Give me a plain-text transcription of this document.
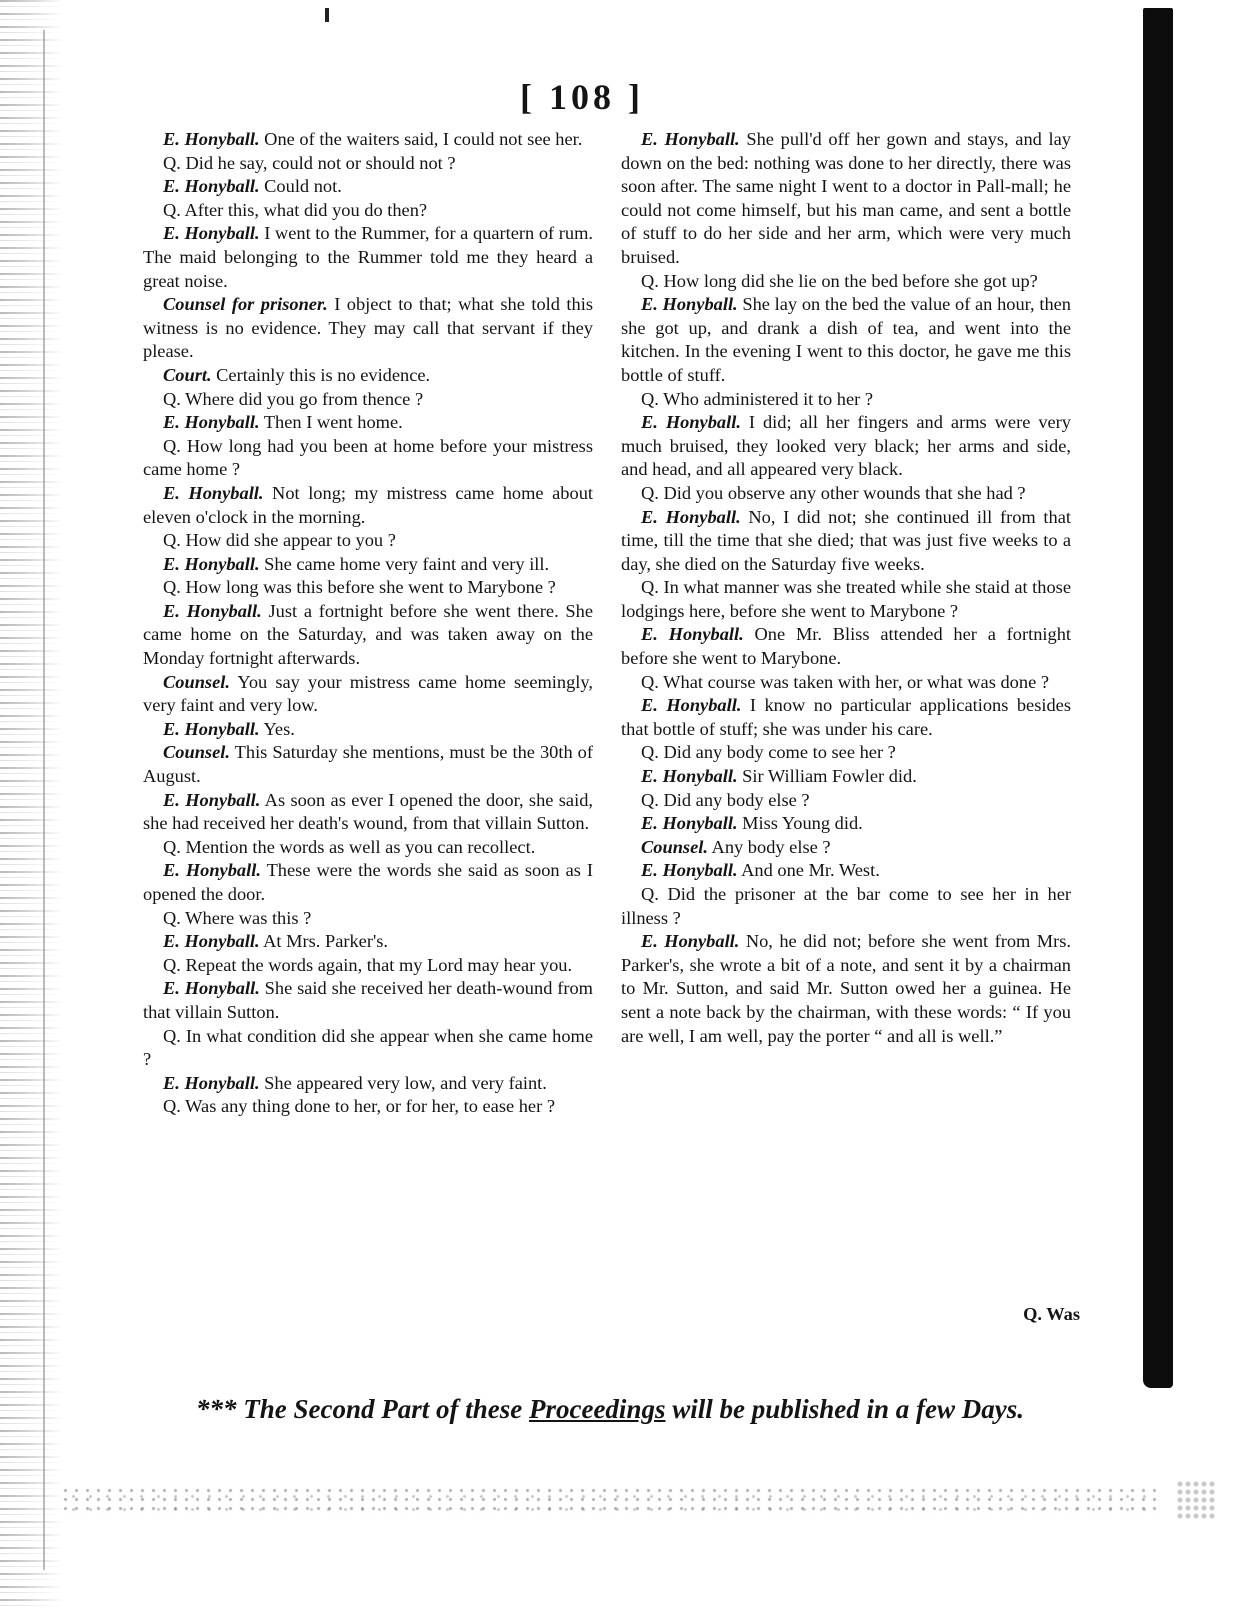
[ 108 ]

E. Honyball. One of the waiters said, I could not see her.

Q. Did he say, could not or should not ?

E. Honyball. Could not.

Q. After this, what did you do then?

E. Honyball. I went to the Rummer, for a quartern of rum. The maid belonging to the Rummer told me they heard a great noise.

Counsel for prisoner. I object to that; what she told this witness is no evidence. They may call that servant if they please.

Court. Certainly this is no evidence.

Q. Where did you go from thence ?

E. Honyball. Then I went home.

Q. How long had you been at home before your mistress came home ?

E. Honyball. Not long; my mistress came home about eleven o'clock in the morning.

Q. How did she appear to you ?

E. Honyball. She came home very faint and very ill.

Q. How long was this before she went to Marybone ?

E. Honyball. Just a fortnight before she went there. She came home on the Saturday, and was taken away on the Monday fortnight afterwards.

Counsel. You say your mistress came home seemingly, very faint and very low.

E. Honyball. Yes.

Counsel. This Saturday she mentions, must be the 30th of August.

E. Honyball. As soon as ever I opened the door, she said, she had received her death's wound, from that villain Sutton.

Q. Mention the words as well as you can recollect.

E. Honyball. These were the words she said as soon as I opened the door.

Q. Where was this ?

E. Honyball. At Mrs. Parker's.

Q. Repeat the words again, that my Lord may hear you.

E. Honyball. She said she received her death-wound from that villain Sutton.

Q. In what condition did she appear when she came home ?

E. Honyball. She appeared very low, and very faint.

Q. Was any thing done to her, or for her, to ease her ?

E. Honyball. She pull'd off her gown and stays, and lay down on the bed: nothing was done to her directly, there was soon after. The same night I went to a doctor in Pall-mall; he could not come himself, but his man came, and sent a bottle of stuff to do her side and her arm, which were very much bruised.

Q. How long did she lie on the bed before she got up?

E. Honyball. She lay on the bed the value of an hour, then she got up, and drank a dish of tea, and went into the kitchen. In the evening I went to this doctor, he gave me this bottle of stuff.

Q. Who administered it to her ?

E. Honyball. I did; all her fingers and arms were very much bruised, they looked very black; her arms and side, and head, and all appeared very black.

Q. Did you observe any other wounds that she had ?

E. Honyball. No, I did not; she continued ill from that time, till the time that she died; that was just five weeks to a day, she died on the Saturday five weeks.

Q. In what manner was she treated while she staid at those lodgings here, before she went to Marybone ?

E. Honyball. One Mr. Bliss attended her a fortnight before she went to Marybone.

Q. What course was taken with her, or what was done ?

E. Honyball. I know no particular applications besides that bottle of stuff; she was under his care.

Q. Did any body come to see her ?

E. Honyball. Sir William Fowler did.

Q. Did any body else ?

E. Honyball. Miss Young did.

Counsel. Any body else ?

E. Honyball. And one Mr. West.

Q. Did the prisoner at the bar come to see her in her illness ?

E. Honyball. No, he did not; before she went from Mrs. Parker's, she wrote a bit of a note, and sent it by a chairman to Mr. Sutton, and said Mr. Sutton owed her a guinea. He sent a note back by the chairman, with these words: “ If you are well, I am well, pay the porter “ and all is well.”

Q. Was
*** The Second Part of these Proceedings will be published in a few Days.
